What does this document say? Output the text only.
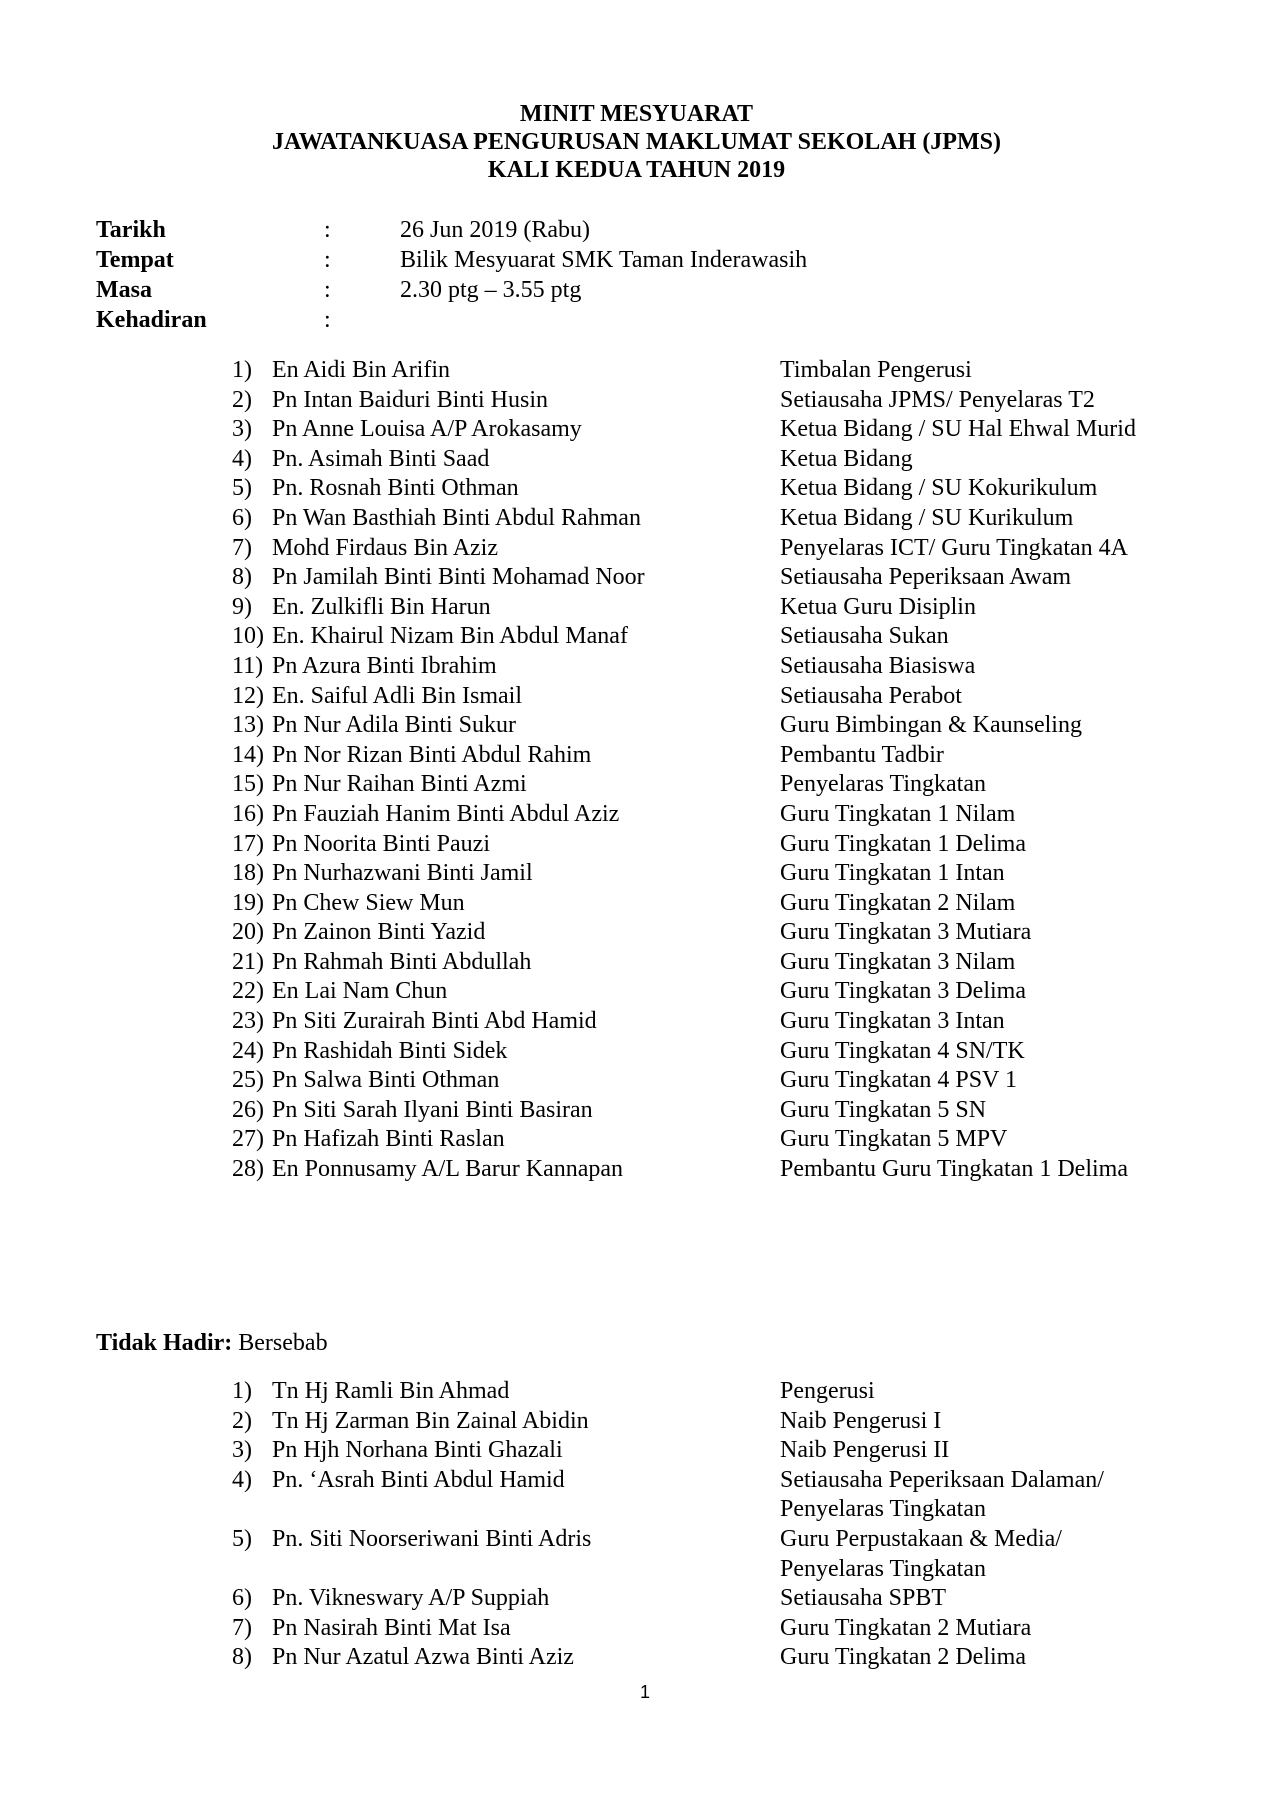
MINIT MESYUARAT
JAWATANKUASA PENGURUSAN MAKLUMAT SEKOLAH (JPMS)
KALI KEDUA TAHUN 2019
Tarikh	:	26 Jun 2019 (Rabu)
Tempat	:	Bilik Mesyuarat SMK Taman Inderawasih
Masa	:	2.30 ptg – 3.55 ptg
Kehadiran	:
1) En Aidi Bin Arifin	Timbalan Pengerusi
2) Pn Intan Baiduri Binti Husin	Setiausaha JPMS/ Penyelaras T2
3) Pn Anne Louisa A/P Arokasamy	Ketua Bidang / SU Hal Ehwal Murid
4) Pn. Asimah Binti Saad	Ketua Bidang
5) Pn. Rosnah Binti Othman	Ketua Bidang / SU Kokurikulum
6) Pn Wan Basthiah Binti Abdul Rahman	Ketua Bidang / SU Kurikulum
7) Mohd Firdaus Bin Aziz	Penyelaras ICT/ Guru Tingkatan 4A
8) Pn Jamilah Binti Binti Mohamad Noor	Setiausaha Peperiksaan Awam
9) En. Zulkifli Bin Harun	Ketua Guru Disiplin
10) En. Khairul Nizam Bin Abdul Manaf	Setiausaha Sukan
11) Pn Azura Binti Ibrahim	Setiausaha Biasiswa
12) En. Saiful Adli Bin Ismail	Setiausaha Perabot
13) Pn Nur Adila Binti Sukur	Guru Bimbingan & Kaunseling
14) Pn Nor Rizan Binti Abdul Rahim	Pembantu Tadbir
15) Pn Nur Raihan Binti Azmi	Penyelaras Tingkatan
16) Pn Fauziah Hanim Binti Abdul Aziz	Guru Tingkatan 1 Nilam
17) Pn Noorita Binti Pauzi	Guru Tingkatan 1 Delima
18) Pn Nurhazwani Binti Jamil	Guru Tingkatan 1 Intan
19) Pn Chew Siew Mun	Guru Tingkatan 2 Nilam
20) Pn Zainon Binti Yazid	Guru Tingkatan 3 Mutiara
21) Pn Rahmah Binti Abdullah	Guru Tingkatan 3 Nilam
22) En Lai Nam Chun	Guru Tingkatan 3 Delima
23) Pn Siti Zurairah Binti Abd Hamid	Guru Tingkatan 3 Intan
24) Pn Rashidah Binti Sidek	Guru Tingkatan 4 SN/TK
25) Pn Salwa Binti Othman	Guru Tingkatan 4 PSV 1
26) Pn Siti Sarah Ilyani Binti Basiran	Guru Tingkatan 5 SN
27) Pn Hafizah Binti Raslan	Guru Tingkatan 5 MPV
28) En Ponnusamy A/L Barur Kannapan	Pembantu Guru Tingkatan 1 Delima
Tidak Hadir: Bersebab
1) Tn Hj Ramli Bin Ahmad	Pengerusi
2) Tn Hj Zarman Bin Zainal Abidin	Naib Pengerusi I
3) Pn Hjh Norhana Binti Ghazali	Naib Pengerusi II
4) Pn. ‘Asrah Binti Abdul Hamid	Setiausaha Peperiksaan Dalaman/
Penyelaras Tingkatan
5) Pn. Siti Noorseriwani Binti Adris	Guru Perpustakaan & Media/
Penyelaras Tingkatan
6) Pn. Vikneswary A/P Suppiah	Setiausaha SPBT
7) Pn Nasirah Binti Mat Isa	Guru Tingkatan 2 Mutiara
8) Pn Nur Azatul Azwa Binti Aziz	Guru Tingkatan 2 Delima
1
